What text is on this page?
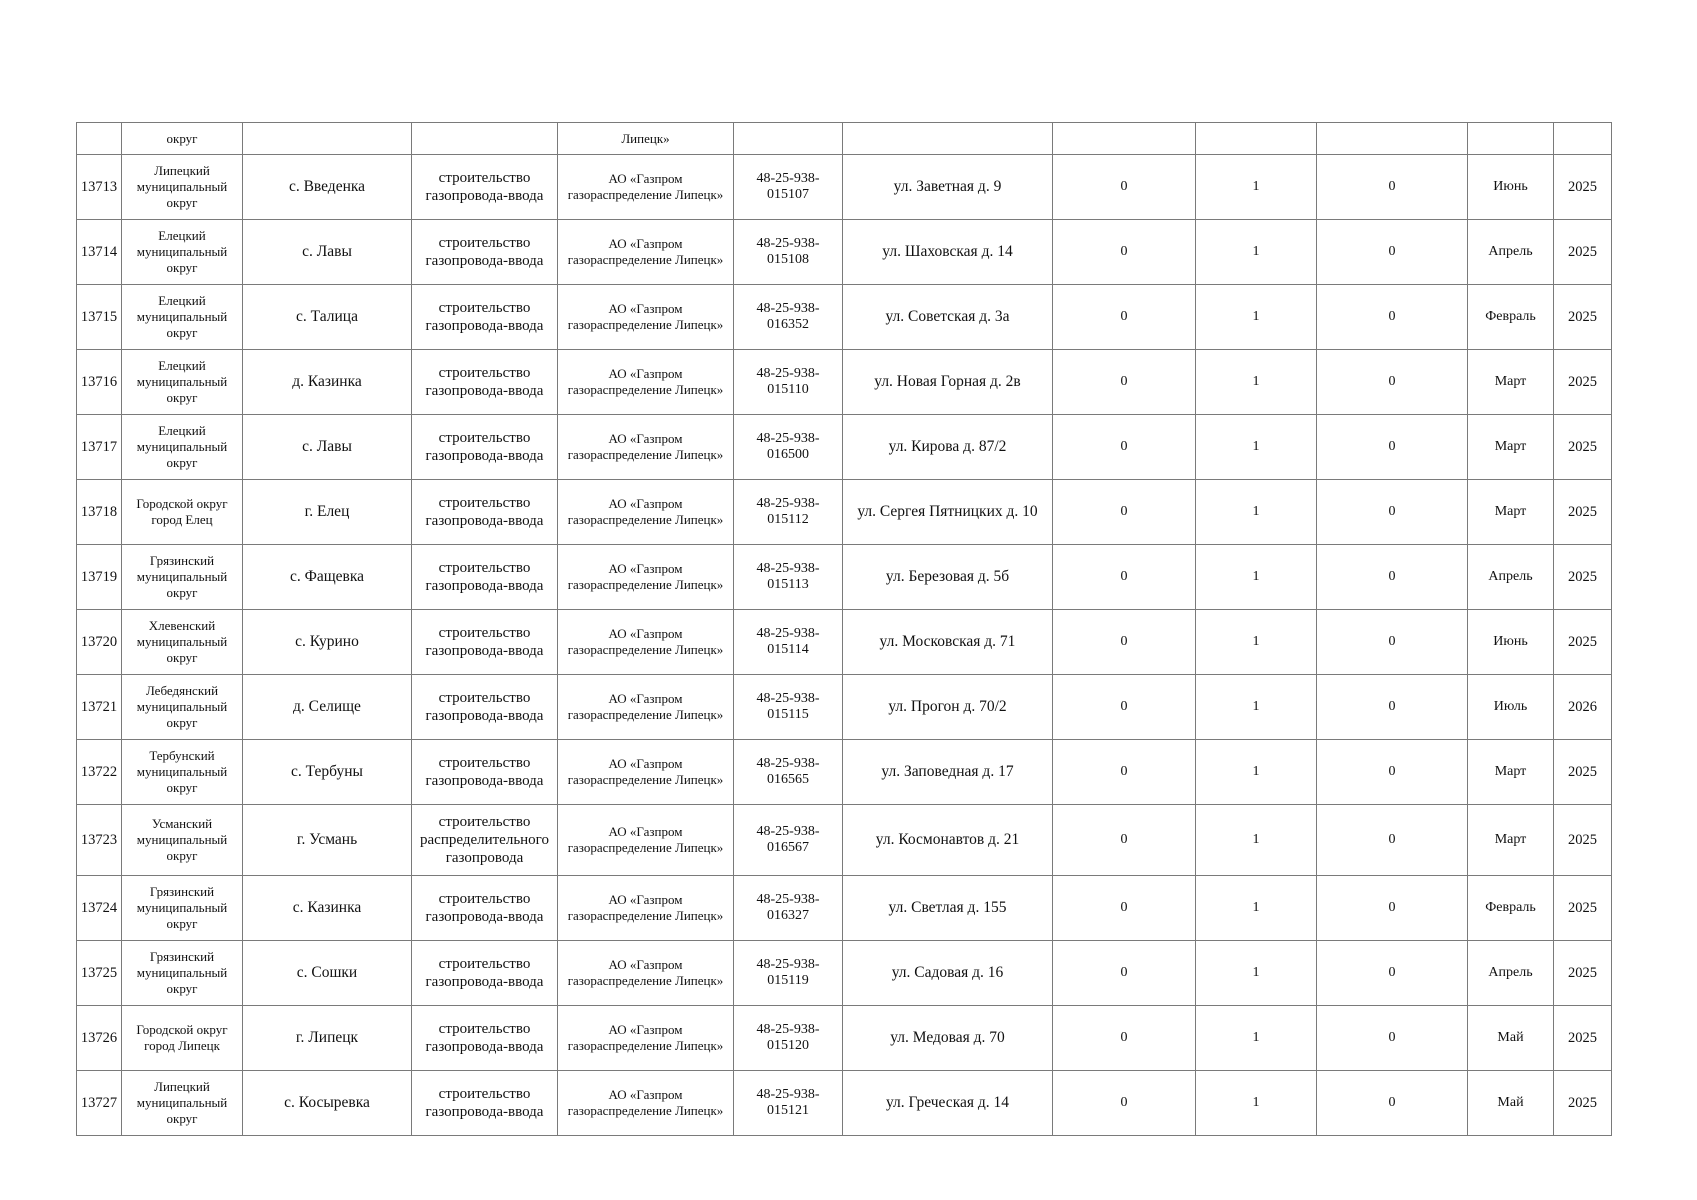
	округ			Липецк»							
13713	Липецкий муниципальный округ	с. Введенка	строительство газопровода-ввода	АО «Газпром газораспределение Липецк»	48-25-938-015107	ул. Заветная д. 9	0	1	0	Июнь	2025
13714	Елецкий муниципальный округ	с. Лавы	строительство газопровода-ввода	АО «Газпром газораспределение Липецк»	48-25-938-015108	ул. Шаховская д. 14	0	1	0	Апрель	2025
13715	Елецкий муниципальный округ	с. Талица	строительство газопровода-ввода	АО «Газпром газораспределение Липецк»	48-25-938-016352	ул. Советская д. 3а	0	1	0	Февраль	2025
13716	Елецкий муниципальный округ	д. Казинка	строительство газопровода-ввода	АО «Газпром газораспределение Липецк»	48-25-938-015110	ул. Новая Горная д. 2в	0	1	0	Март	2025
13717	Елецкий муниципальный округ	с. Лавы	строительство газопровода-ввода	АО «Газпром газораспределение Липецк»	48-25-938-016500	ул. Кирова д. 87/2	0	1	0	Март	2025
13718	Городской округ город Елец	г. Елец	строительство газопровода-ввода	АО «Газпром газораспределение Липецк»	48-25-938-015112	ул. Сергея Пятницких д. 10	0	1	0	Март	2025
13719	Грязинский муниципальный округ	с. Фащевка	строительство газопровода-ввода	АО «Газпром газораспределение Липецк»	48-25-938-015113	ул. Березовая д. 5б	0	1	0	Апрель	2025
13720	Хлевенский муниципальный округ	с. Курино	строительство газопровода-ввода	АО «Газпром газораспределение Липецк»	48-25-938-015114	ул. Московская д. 71	0	1	0	Июнь	2025
13721	Лебедянский муниципальный округ	д. Селище	строительство газопровода-ввода	АО «Газпром газораспределение Липецк»	48-25-938-015115	ул. Прогон д. 70/2	0	1	0	Июль	2026
13722	Тербунский муниципальный округ	с. Тербуны	строительство газопровода-ввода	АО «Газпром газораспределение Липецк»	48-25-938-016565	ул. Заповедная д. 17	0	1	0	Март	2025
13723	Усманский муниципальный округ	г. Усмань	строительство распределительного газопровода	АО «Газпром газораспределение Липецк»	48-25-938-016567	ул. Космонавтов д. 21	0	1	0	Март	2025
13724	Грязинский муниципальный округ	с. Казинка	строительство газопровода-ввода	АО «Газпром газораспределение Липецк»	48-25-938-016327	ул. Светлая д. 155	0	1	0	Февраль	2025
13725	Грязинский муниципальный округ	с. Сошки	строительство газопровода-ввода	АО «Газпром газораспределение Липецк»	48-25-938-015119	ул. Садовая д. 16	0	1	0	Апрель	2025
13726	Городской округ город Липецк	г. Липецк	строительство газопровода-ввода	АО «Газпром газораспределение Липецк»	48-25-938-015120	ул. Медовая д. 70	0	1	0	Май	2025
13727	Липецкий муниципальный округ	с. Косыревка	строительство газопровода-ввода	АО «Газпром газораспределение Липецк»	48-25-938-015121	ул. Греческая д. 14	0	1	0	Май	2025
